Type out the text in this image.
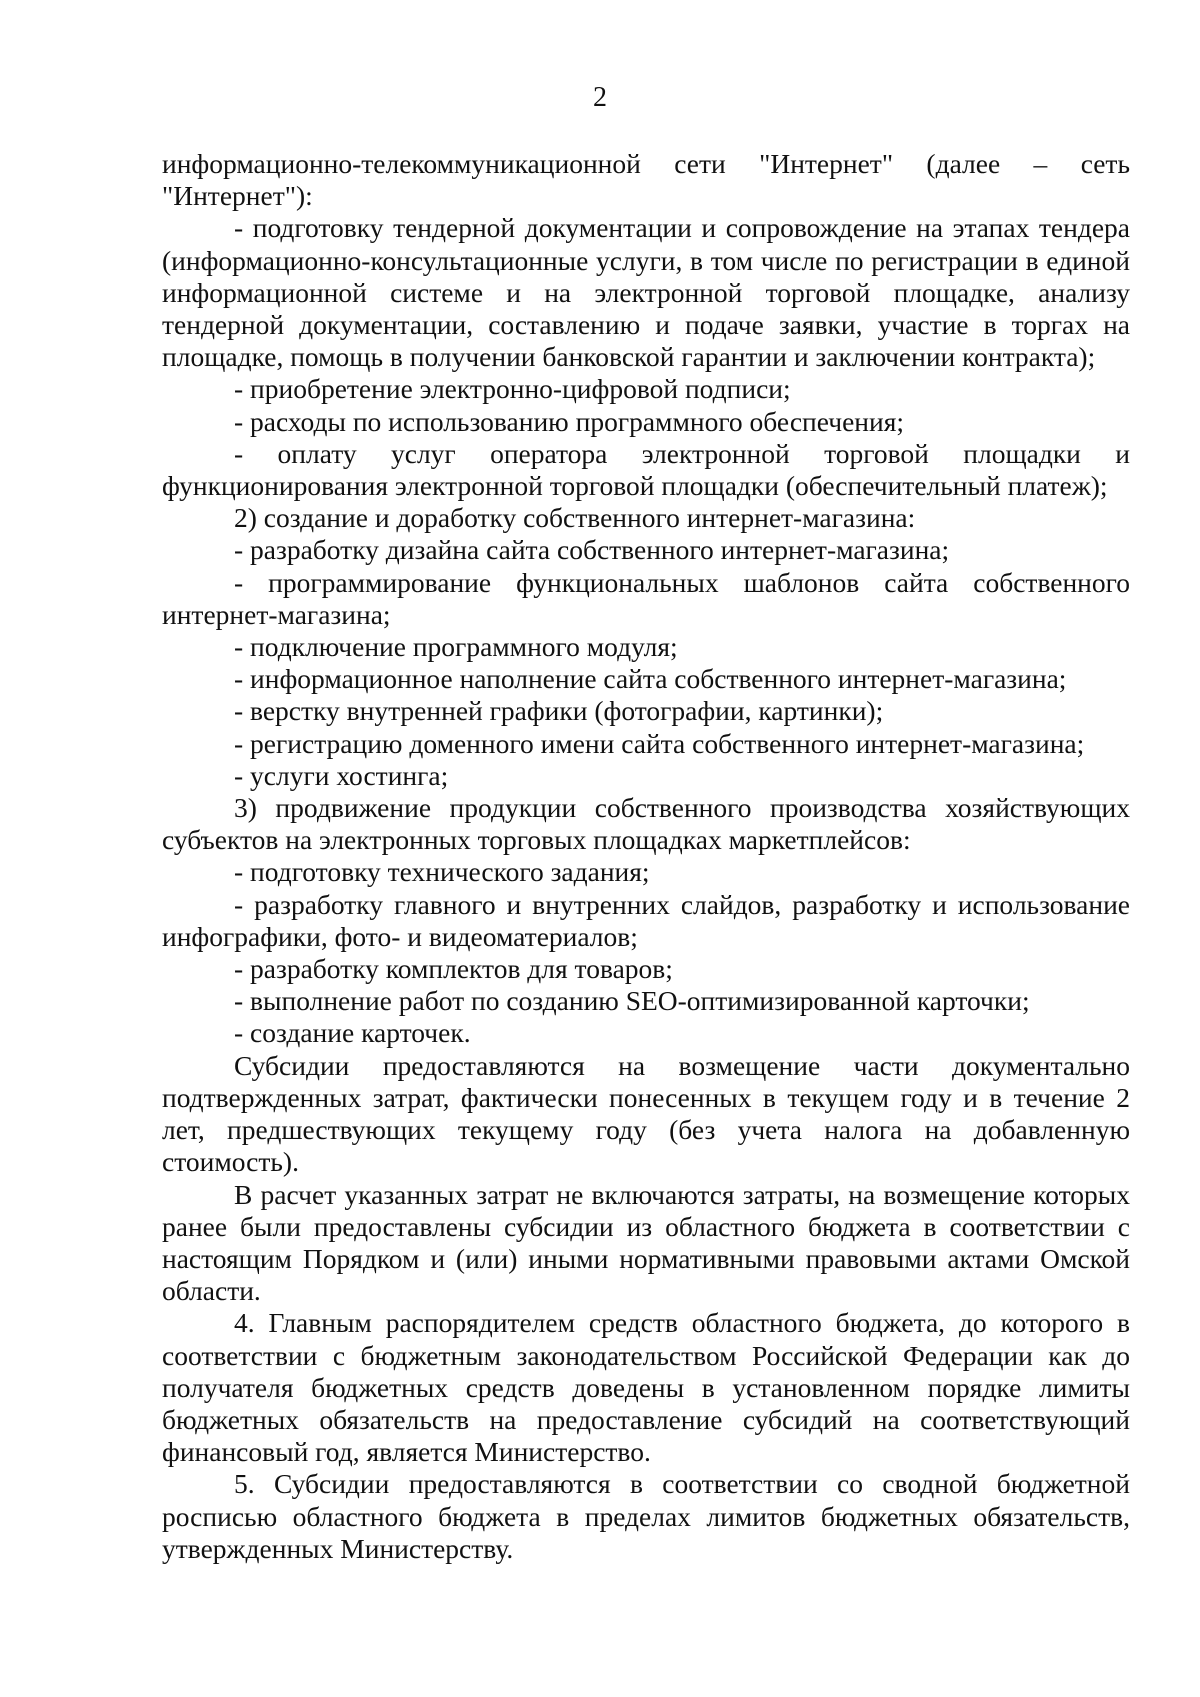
2

информационно-телекоммуникационной сети "Интернет" (далее – сеть "Интернет"):

- подготовку тендерной документации и сопровождение на этапах тендера (информационно-консультационные услуги, в том числе по регистрации в единой информационной системе и на электронной торговой площадке, анализу тендерной документации, составлению и подаче заявки, участие в торгах на площадке, помощь в получении банковской гарантии и заключении контракта);

- приобретение электронно-цифровой подписи;

- расходы по использованию программного обеспечения;

- оплату услуг оператора электронной торговой площадки и функционирования электронной торговой площадки (обеспечительный платеж);

2) создание и доработку собственного интернет-магазина:

- разработку дизайна сайта собственного интернет-магазина;

- программирование функциональных шаблонов сайта собственного интернет-магазина;

- подключение программного модуля;

- информационное наполнение сайта собственного интернет-магазина;

- верстку внутренней графики (фотографии, картинки);

- регистрацию доменного имени сайта собственного интернет-магазина;

- услуги хостинга;

3) продвижение продукции собственного производства хозяйствующих субъектов на электронных торговых площадках маркетплейсов:

- подготовку технического задания;

- разработку главного и внутренних слайдов, разработку и использование инфографики, фото- и видеоматериалов;

- разработку комплектов для товаров;

- выполнение работ по созданию SEO-оптимизированной карточки;

- создание карточек.

Субсидии предоставляются на возмещение части документально подтвержденных затрат, фактически понесенных в текущем году и в течение 2 лет, предшествующих текущему году (без учета налога на добавленную стоимость).

В расчет указанных затрат не включаются затраты, на возмещение которых ранее были предоставлены субсидии из областного бюджета в соответствии с настоящим Порядком и (или) иными нормативными правовыми актами Омской области.

4. Главным распорядителем средств областного бюджета, до которого в соответствии с бюджетным законодательством Российской Федерации как до получателя бюджетных средств доведены в установленном порядке лимиты бюджетных обязательств на предоставление субсидий на соответствующий финансовый год, является Министерство.

5. Субсидии предоставляются в соответствии со сводной бюджетной росписью областного бюджета в пределах лимитов бюджетных обязательств, утвержденных Министерству.
